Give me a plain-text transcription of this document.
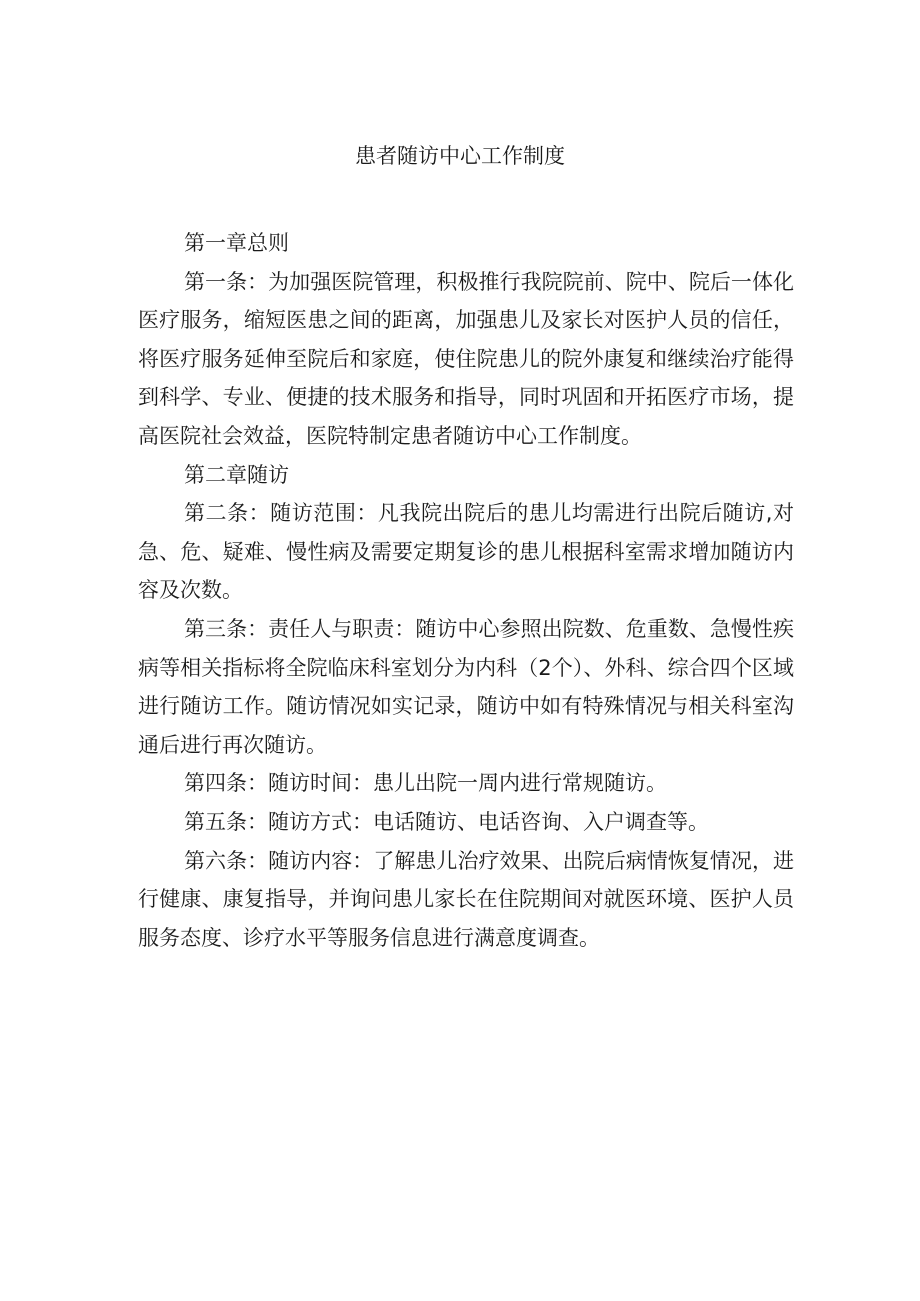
患者随访中心工作制度

第一章总则

第一条：为加强医院管理，积极推行我院院前、院中、院后一体化医疗服务，缩短医患之间的距离，加强患儿及家长对医护人员的信任，将医疗服务延伸至院后和家庭，使住院患儿的院外康复和继续治疗能得到科学、专业、便捷的技术服务和指导，同时巩固和开拓医疗市场，提高医院社会效益，医院特制定患者随访中心工作制度。

第二章随访

第二条：随访范围：凡我院出院后的患儿均需进行出院后随访,对急、危、疑难、慢性病及需要定期复诊的患儿根据科室需求增加随访内容及次数。

第三条：责任人与职责：随访中心参照出院数、危重数、急慢性疾病等相关指标将全院临床科室划分为内科（2个）、外科、综合四个区域进行随访工作。随访情况如实记录，随访中如有特殊情况与相关科室沟通后进行再次随访。

第四条：随访时间：患儿出院一周内进行常规随访。

第五条：随访方式：电话随访、电话咨询、入户调查等。

第六条：随访内容：了解患儿治疗效果、出院后病情恢复情况，进行健康、康复指导，并询问患儿家长在住院期间对就医环境、医护人员服务态度、诊疗水平等服务信息进行满意度调查。
